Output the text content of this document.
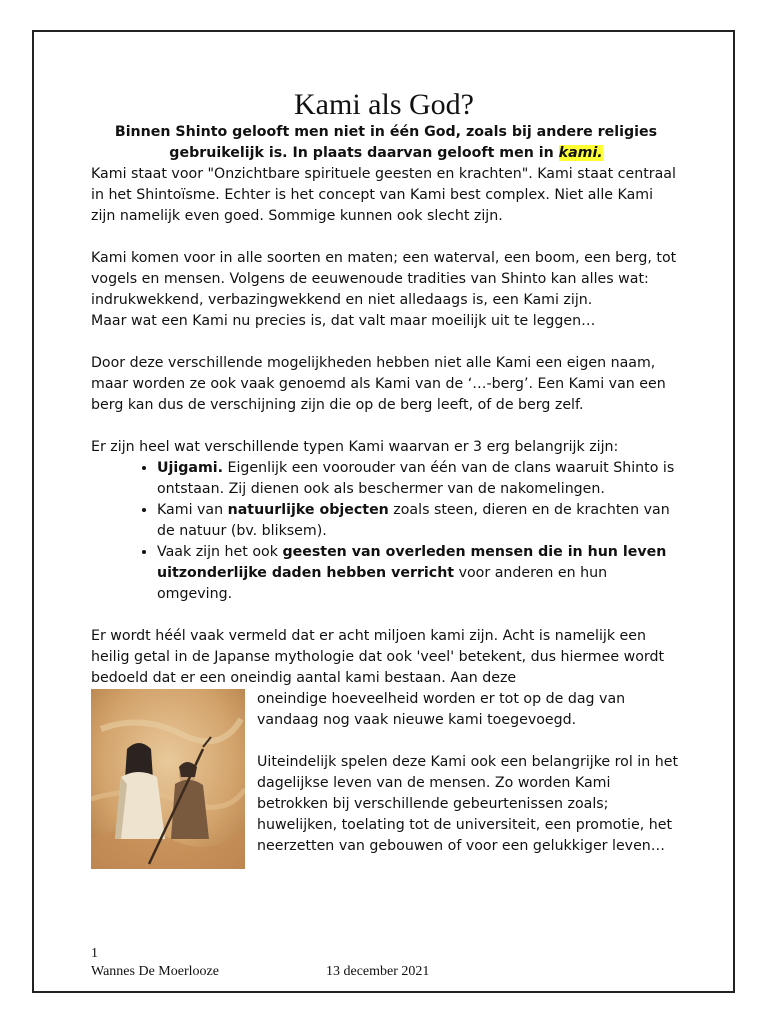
Kami als God?

Binnen Shinto gelooft men niet in één God, zoals bij andere religies gebruikelijk is. In plaats daarvan gelooft men in kami.

Kami staat voor "Onzichtbare spirituele geesten en krachten". Kami staat centraal in het Shintoïsme. Echter is het concept van Kami best complex. Niet alle Kami zijn namelijk even goed. Sommige kunnen ook slecht zijn.

Kami komen voor in alle soorten en maten; een waterval, een boom, een berg, tot vogels en mensen. Volgens de eeuwenoude tradities van Shinto kan alles wat: indrukwekkend, verbazingwekkend en niet alledaags is, een Kami zijn.

Maar wat een Kami nu precies is, dat valt maar moeilijk uit te leggen…

Door deze verschillende mogelijkheden hebben niet alle Kami een eigen naam, maar worden ze ook vaak genoemd als Kami van de ‘…-berg’. Een Kami van een berg kan dus de verschijning zijn die op de berg leeft, of de berg zelf.

Er zijn heel wat verschillende typen Kami waarvan er 3 erg belangrijk zijn:

• Ujigami. Eigenlijk een voorouder van één van de clans waaruit Shinto is ontstaan. Zij dienen ook als beschermer van de nakomelingen.
• Kami van natuurlijke objecten zoals steen, dieren en de krachten van de natuur (bv. bliksem).
• Vaak zijn het ook geesten van overleden mensen die in hun leven uitzonderlijke daden hebben verricht voor anderen en hun omgeving.

Er wordt héél vaak vermeld dat er acht miljoen kami zijn. Acht is namelijk een heilig getal in de Japanse mythologie dat ook 'veel' betekent, dus hiermee wordt bedoeld dat er een oneindig aantal kami bestaan. Aan deze

oneindige hoeveelheid worden er tot op de dag van vandaag nog vaak nieuwe kami toegevoegd.

Uiteindelijk spelen deze Kami ook een belangrijke rol in het dagelijkse leven van de mensen. Zo worden Kami betrokken bij verschillende gebeurtenissen zoals; huwelijken, toelating tot de universiteit, een promotie, het neerzetten van gebouwen of voor een gelukkiger leven…

1
Wannes De Moerlooze	13 december 2021
